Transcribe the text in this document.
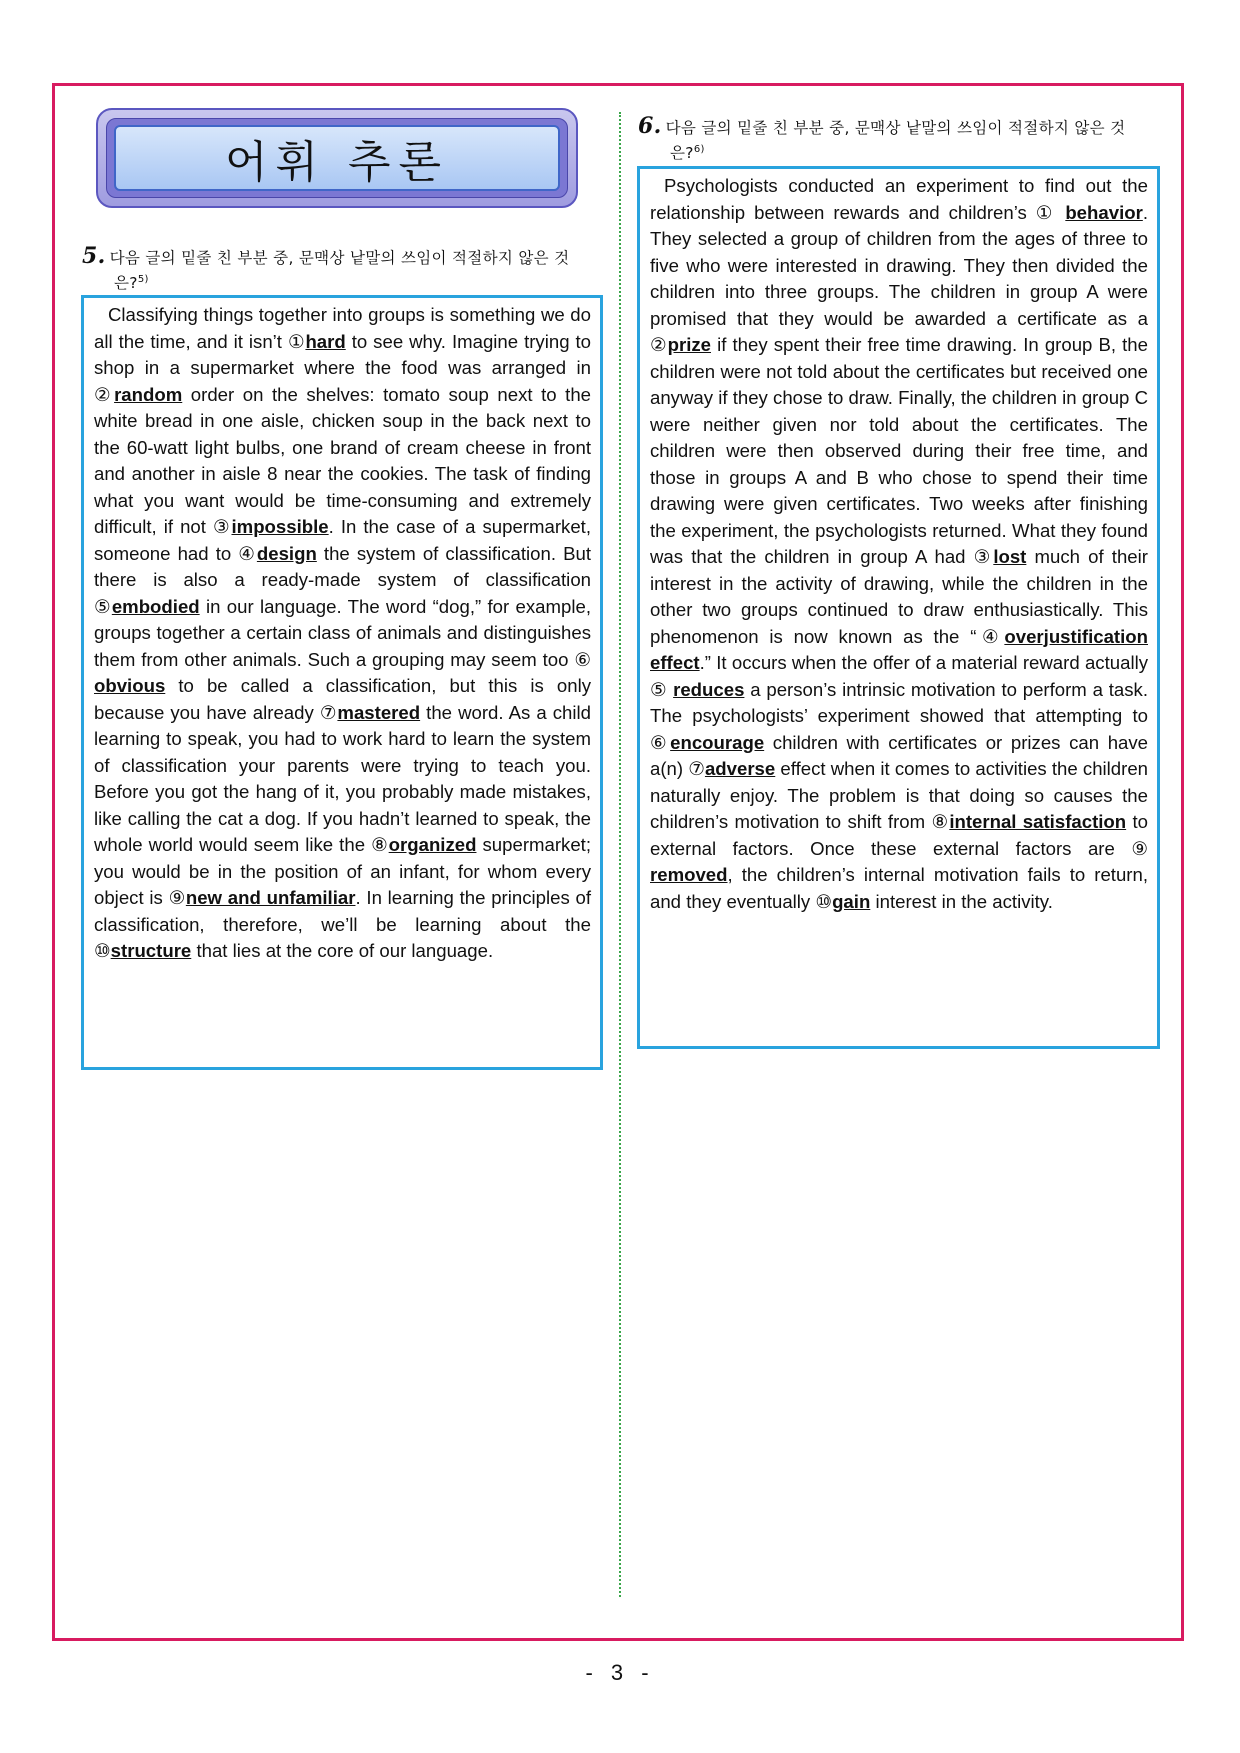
어휘 추론
5. 다음 글의 밑줄 친 부분 중, 문맥상 낱말의 쓰임이 적절하지 않은 것
은?$^{5)}$
Classifying things together into groups is something we do all the time, and it isn’t ①hard to see why. Imagine trying to shop in a supermarket where the food was arranged in ②random order on the shelves: tomato soup next to the white bread in one aisle, chicken soup in the back next to the 60-watt light bulbs, one brand of cream cheese in front and another in aisle 8 near the cookies. The task of finding what you want would be time-consuming and extremely difficult, if not ③impossible. In the case of a supermarket, someone had to ④design the system of classification. But there is also a ready-made system of classification ⑤embodied in our language. The word “dog,” for example, groups together a certain class of animals and distinguishes them from other animals. Such a grouping may seem too ⑥ obvious to be called a classification, but this is only because you have already ⑦mastered the word. As a child learning to speak, you had to work hard to learn the system of classification your parents were trying to teach you. Before you got the hang of it, you probably made mistakes, like calling the cat a dog. If you hadn’t learned to speak, the whole world would seem like the ⑧organized supermarket; you would be in the position of an infant, for whom every object is ⑨new and unfamiliar. In learning the principles of classification, therefore, we’ll be learning about the ⑩structure that lies at the core of our language.
6. 다음 글의 밑줄 친 부분 중, 문맥상 낱말의 쓰임이 적절하지 않은 것
은?$^{6)}$
Psychologists conducted an experiment to find out the relationship between rewards and children’s ① behavior. They selected a group of children from the ages of three to five who were interested in drawing. They then divided the children into three groups. The children in group A were promised that they would be awarded a certificate as a ②prize if they spent their free time drawing. In group B, the children were not told about the certificates but received one anyway if they chose to draw. Finally, the children in group C were neither given nor told about the certificates. The children were then observed during their free time, and those in groups A and B who chose to spend their time drawing were given certificates. Two weeks after finishing the experiment, the psychologists returned. What they found was that the children in group A had ③lost much of their interest in the activity of drawing, while the children in the other two groups continued to draw enthusiastically. This phenomenon is now known as the “④overjustification effect.” It occurs when the offer of a material reward actually ⑤ reduces a person’s intrinsic motivation to perform a task. The psychologists’ experiment showed that attempting to ⑥encourage children with certificates or prizes can have a(n) ⑦adverse effect when it comes to activities the children naturally enjoy. The problem is that doing so causes the children’s motivation to shift from ⑧internal satisfaction to external factors. Once these external factors are ⑨ removed, the children’s internal motivation fails to return, and they eventually ⑩gain interest in the activity.
- 3 -
